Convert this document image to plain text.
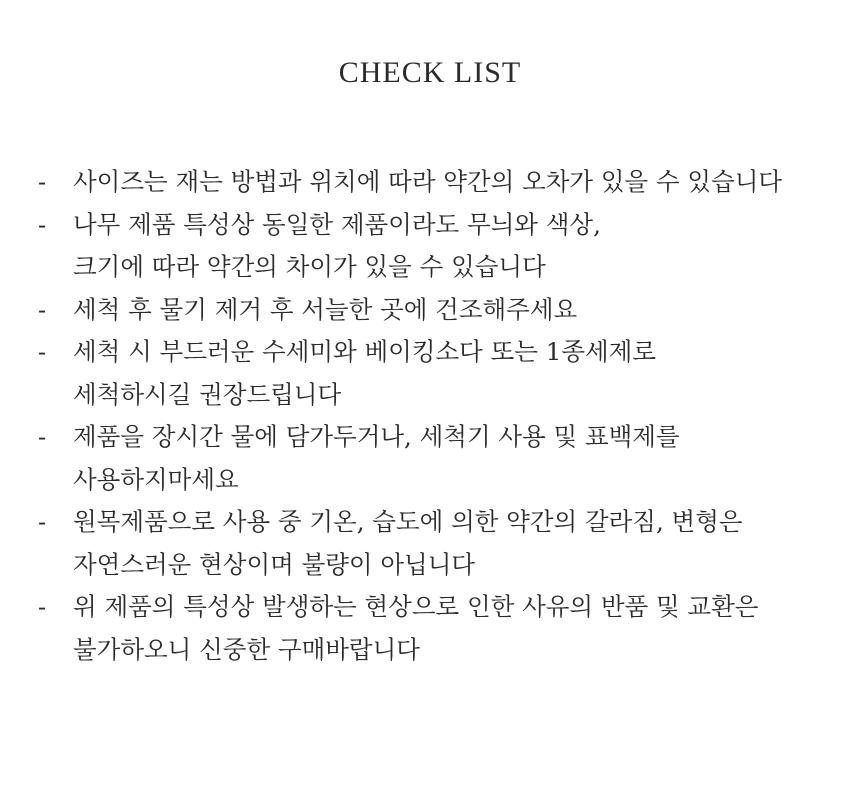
CHECK LIST
-	사이즈는 재는 방법과 위치에 따라 약간의 오차가 있을 수 있습니다
-	나무 제품 특성상 동일한 제품이라도 무늬와 색상,
크기에 따라 약간의 차이가 있을 수 있습니다
-	세척 후 물기 제거 후 서늘한 곳에 건조해주세요
-	세척 시 부드러운 수세미와 베이킹소다 또는 1종세제로
세척하시길 권장드립니다
-	제품을 장시간 물에 담가두거나, 세척기 사용 및 표백제를
사용하지마세요
-	원목제품으로 사용 중 기온, 습도에 의한 약간의 갈라짐, 변형은
자연스러운 현상이며 불량이 아닙니다
-	위 제품의 특성상 발생하는 현상으로 인한 사유의 반품 및 교환은
불가하오니 신중한 구매바랍니다
